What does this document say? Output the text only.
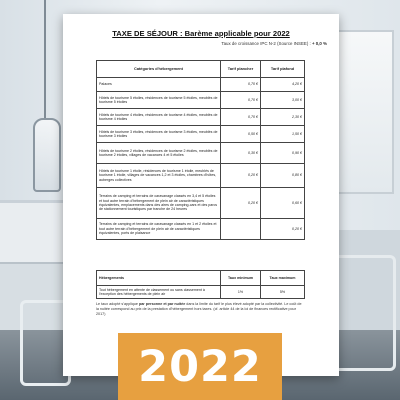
TAXE DE SÉJOUR : Barème applicable pour 2022
Taux de croissance IPC N-2 (Source INSEE) : + 0,0 %
Catégories d'hébergement	Tarif plancher	Tarif plafond
Palaces	0,70 €	4,20 €
Hôtels de tourisme 5 étoiles, résidences de tourisme 5 étoiles, meublés de tourisme 5 étoiles	0,70 €	3,00 €
Hôtels de tourisme 4 étoiles, résidences de tourisme 4 étoiles, meublés de tourisme 4 étoiles	0,70 €	2,30 €
Hôtels de tourisme 3 étoiles, résidences de tourisme 3 étoiles, meublés de tourisme 3 étoiles	0,50 €	1,50 €
Hôtels de tourisme 2 étoiles, résidences de tourisme 2 étoiles, meublés de tourisme 2 étoiles, villages de vacances 4 et 5 étoiles	0,30 €	0,90 €
Hôtels de tourisme 1 étoile, résidences de tourisme 1 étoile, meublés de tourisme 1 étoile, villages de vacances 1,2 et 3 étoiles, chambres d'hôtes, auberges collectives	0,20 €	0,80 €
Terrains de camping et terrains de caravanage classés en 3,4 et 5 étoiles et tout autre terrain d'hébergement de plein air de caractéristiques équivalentes, emplacements dans des aires de camping-cars et des parcs de stationnement touristiques par tranche de 24 heures	0,20 €	0,60 €
Terrains de camping et terrains de caravanage classés en 1 et 2 étoiles et tout autre terrain d'hébergement de plein air de caractéristiques équivalentes, ports de plaisance		0,20 €
Hébergements	Taux minimum	Taux maximum
Tout hébergement en attente de classement ou sans classement à l'exception des hébergements de plein air	1%	5%
Le taux adopté s'applique par personne et par nuitée dans la limite du tarif le plus élevé adopté par la collectivité. Le coût de la nuitée correspond au prix de la prestation d'hébergement hors taxes. (cf. article 44 de la loi de finances rectificative pour 2017)
2022
